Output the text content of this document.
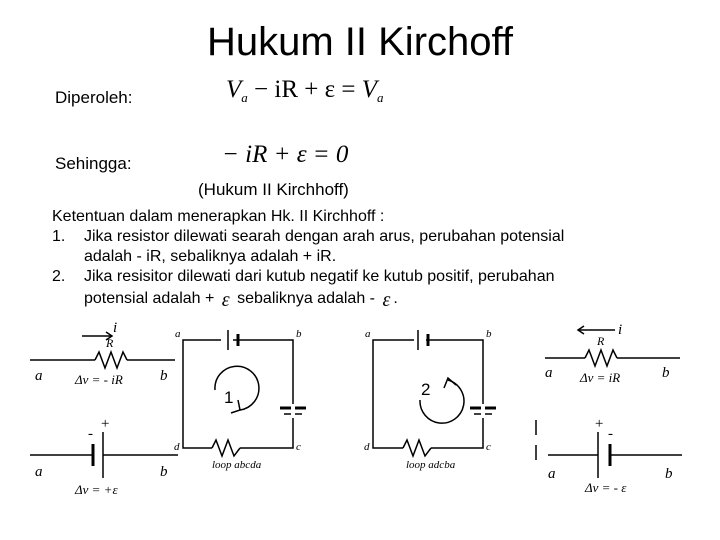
Hukum II Kirchoff
Diperoleh:	$V_a$ − iR + $\varepsilon = V_a$
Sehingga:	− iR + ε = 0
(Hukum II Kirchhoff)
Ketentuan dalam menerapkan Hk. II Kirchhoff :
1. Jika resistor dilewati searah dengan arah arus, perubahan potensial
adalah - iR, sebaliknya adalah + iR.
2. Jika resisitor dilewati dari kutub negatif ke kutub positif, perubahan
potensial adalah + ε sebaliknya adalah - ε .
i
R
a	b
Δv = - iR
-
+
a	b
Δv = +ε
a	b
c
d
loop abcda
a	b
c
d
loop adcba
i
R
a	b
Δv = iR
+
-
a	b
Δv = - ε
1	2
